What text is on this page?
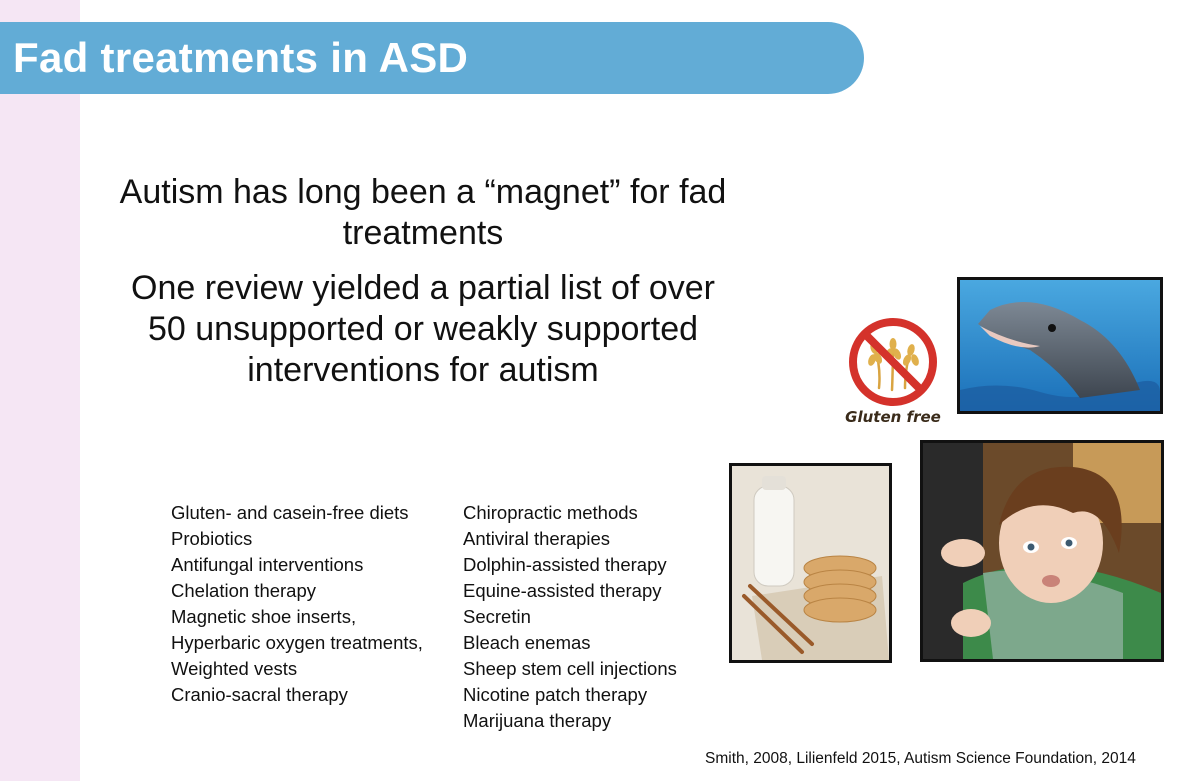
Fad treatments in ASD

Autism has long been a “magnet” for fad treatments

One review yielded a partial list of over 50 unsupported or weakly supported interventions for autism

Gluten- and casein-free diets
Probiotics
Antifungal interventions
Chelation therapy
Magnetic shoe inserts,
Hyperbaric oxygen treatments,
Weighted vests
Cranio-sacral therapy
Chiropractic methods
Antiviral therapies
Dolphin-assisted therapy
Equine-assisted therapy
Secretin
Bleach enemas
Sheep stem cell injections
Nicotine patch therapy
Marijuana therapy

Smith, 2008, Lilienfeld 2015, Autism Science Foundation, 2014

Gluten free
